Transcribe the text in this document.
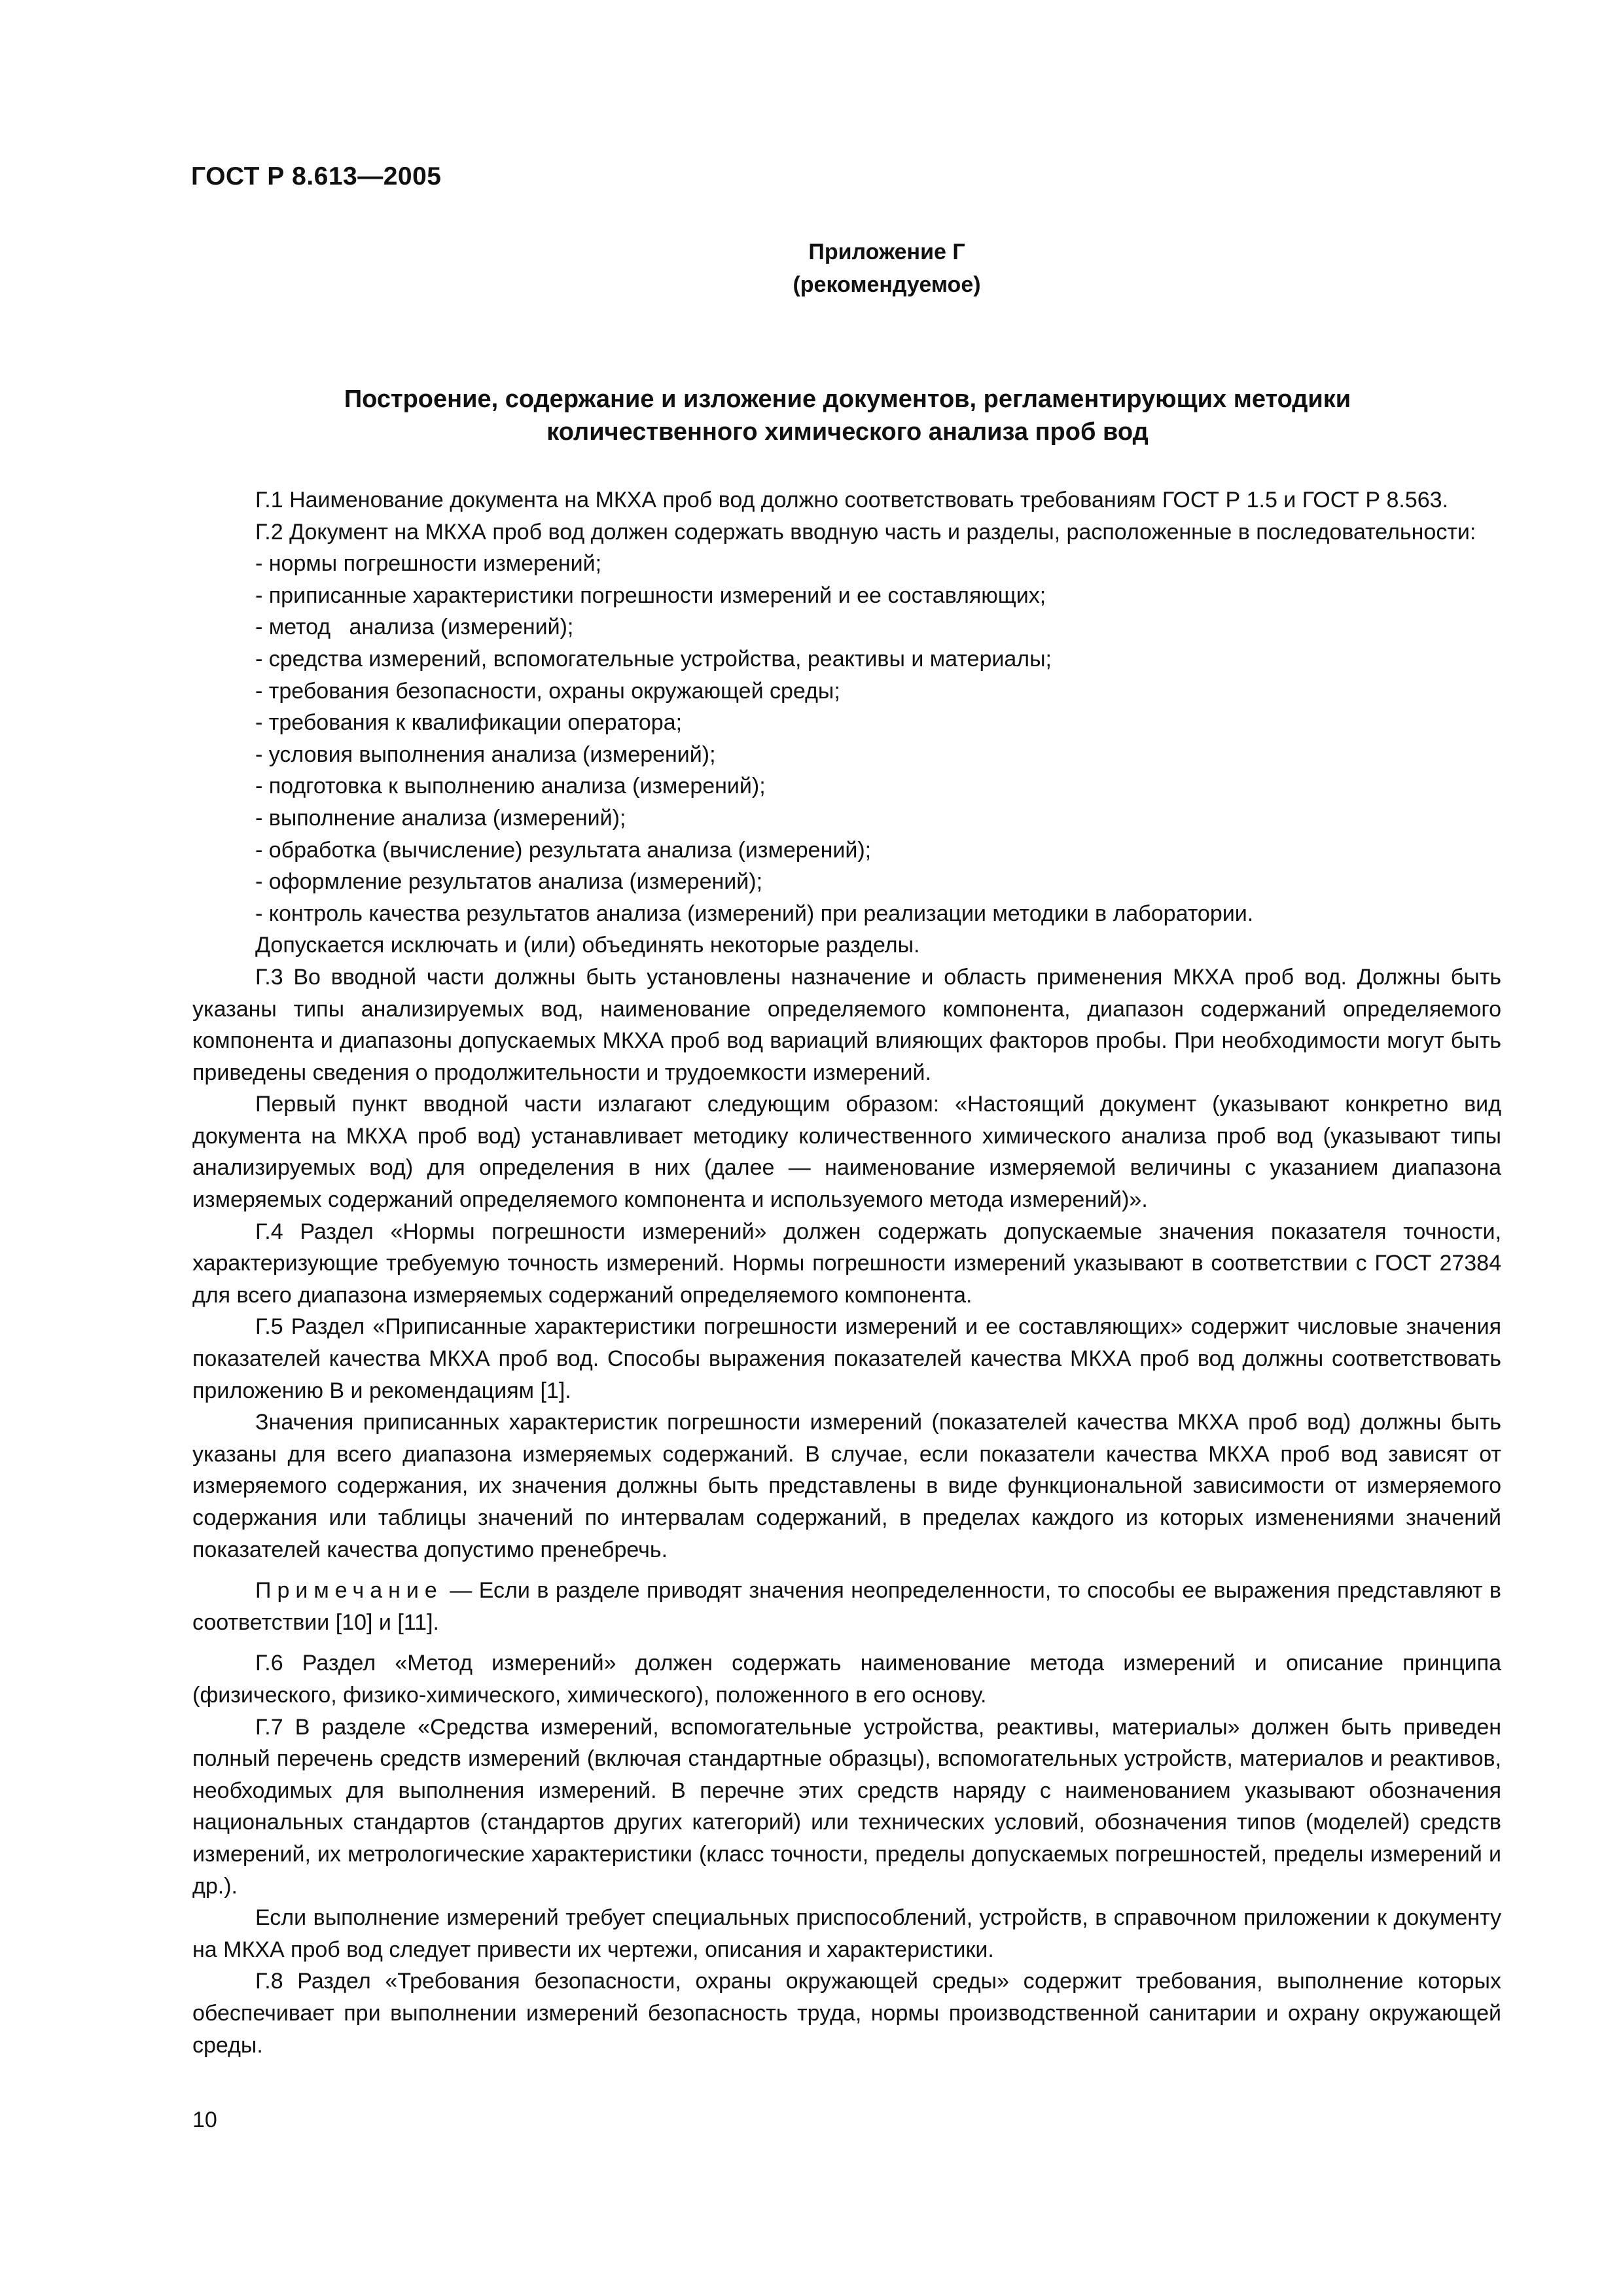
ГОСТ Р 8.613—2005
Приложение Г
(рекомендуемое)
Построение, содержание и изложение документов, регламентирующих методики
количественного химического анализа проб вод

Г.1 Наименование документа на МКХА проб вод должно соответствовать требованиям ГОСТ Р 1.5 и ГОСТ Р 8.563.

Г.2 Документ на МКХА проб вод должен содержать вводную часть и разделы, расположенные в последовательности:

- нормы погрешности измерений;

- приписанные характеристики погрешности измерений и ее составляющих;

- метод   анализа (измерений);

- средства измерений, вспомогательные устройства, реактивы и материалы;

- требования безопасности, охраны окружающей среды;

- требования к квалификации оператора;

- условия выполнения анализа (измерений);

- подготовка к выполнению анализа (измерений);

- выполнение анализа (измерений);

- обработка (вычисление) результата анализа (измерений);

- оформление результатов анализа (измерений);

- контроль качества результатов анализа (измерений) при реализации методики в лаборатории.

Допускается исключать и (или) объединять некоторые разделы.

Г.3 Во вводной части должны быть установлены назначение и область применения МКХА проб вод. Должны быть указаны типы анализируемых вод, наименование определяемого компонента, диапазон содержаний определяемого компонента и диапазоны допускаемых МКХА проб вод вариаций влияющих факторов пробы. При необходимости могут быть приведены сведения о продолжительности и трудоемкости измерений.

Первый пункт вводной части излагают следующим образом: «Настоящий документ (указывают конкретно вид документа на МКХА проб вод) устанавливает методику количественного химического анализа проб вод (указывают типы анализируемых вод) для определения в них (далее — наименование измеряемой величины с указанием диапазона измеряемых содержаний определяемого компонента и используемого метода измерений)».

Г.4 Раздел «Нормы погрешности измерений» должен содержать допускаемые значения показателя точности, характеризующие требуемую точность измерений. Нормы погрешности измерений указывают в соответствии с ГОСТ 27384 для всего диапазона измеряемых содержаний определяемого компонента.

Г.5 Раздел «Приписанные характеристики погрешности измерений и ее составляющих» содержит числовые значения показателей качества МКХА проб вод. Способы выражения показателей качества МКХА проб вод должны соответствовать приложению В и рекомендациям [1].

Значения приписанных характеристик погрешности измерений (показателей качества МКХА проб вод) должны быть указаны для всего диапазона измеряемых содержаний. В случае, если показатели качества МКХА проб вод зависят от измеряемого содержания, их значения должны быть представлены в виде функциональной зависимости от измеряемого содержания или таблицы значений по интервалам содержаний, в пределах каждого из которых изменениями значений показателей качества допустимо пренебречь.

Примечание — Если в разделе приводят значения неопределенности, то способы ее выражения представляют в соответствии [10] и [11].

Г.6 Раздел «Метод измерений» должен содержать наименование метода измерений и описание принципа (физического, физико-химического, химического), положенного в его основу.

Г.7 В разделе «Средства измерений, вспомогательные устройства, реактивы, материалы» должен быть приведен полный перечень средств измерений (включая стандартные образцы), вспомогательных устройств, материалов и реактивов, необходимых для выполнения измерений. В перечне этих средств наряду с наименованием указывают обозначения национальных стандартов (стандартов других категорий) или технических условий, обозначения типов (моделей) средств измерений, их метрологические характеристики (класс точности, пределы допускаемых погрешностей, пределы измерений и др.).

Если выполнение измерений требует специальных приспособлений, устройств, в справочном приложении к документу на МКХА проб вод следует привести их чертежи, описания и характеристики.

Г.8 Раздел «Требования безопасности, охраны окружающей среды» содержит требования, выполнение которых обеспечивает при выполнении измерений безопасность труда, нормы производственной санитарии и охрану окружающей среды.

10
